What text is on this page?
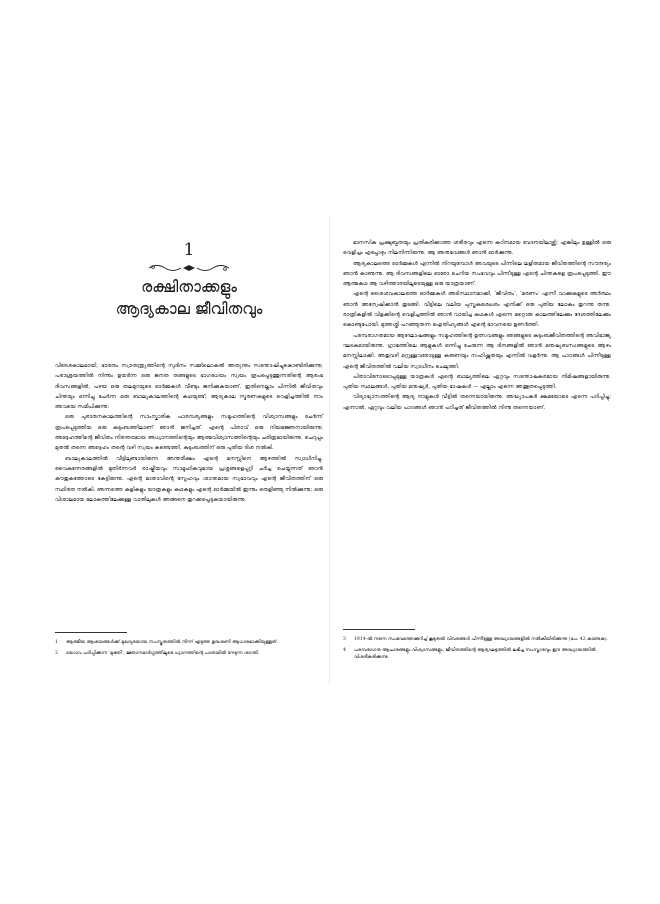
1
രക്ഷിതാക്കളും
ആദ്യകാല ജീവിതവും

വിദേശകാലമായി, ഭാരതം സ്വാതന്ത്ര്യത്തിന്റെ സുദിനം സമ്മിലൊകൽ അത്യന്തം സന്തോഷിച്ചുകൊണ്ടിരിക്കുന്നു; പരാശ്രയത്തിൽ നിന്നും ഉയർന്ന ഒരു ജനത തങ്ങളുടെ ഭാഗധേയം സ്വയം രൂപപ്പെടുത്തുന്നതിന്റെ ആരംഭ ദിവസങ്ങളിൽ, പഴയ ഒരു തലമുറയുടെ ഓർമ്മകൾ വീണ്ടും ജനിക്കുകയാണ്. ഇതിനെല്ലാം പിന്നിൽ ജീവിതവും ചിന്തയും ഒന്നിച്ചു ചേർന്ന ഒരു ബാല്യകാലത്തിന്റെ കഥയുണ്ട്; ആദ്യകാല സ്മരണകളുടെ വെളിച്ചത്തിൽ നാം അവയെ സമീപിക്കുന്നു.

ഒരു പുരാതനകാലത്തിന്റെ സാംസ്കാരിക പാരമ്പര്യങ്ങളും സമൂഹത്തിന്റെ വിശ്വാസങ്ങളും ചേർന്ന് രൂപപ്പെടുത്തിയ ഒരു കുടുംബത്തിലാണ് ഞാൻ ജനിച്ചത്. എന്റെ പിതാവ് ഒരു നിയമജ്ഞനായിരുന്നു; അദ്ദേഹത്തിന്റെ ജീവിതം നിരന്തരമായ അധ്വാനത്തിന്റെയും ആത്മവിശ്വാസത്തിന്റെയും ചരിത്രമായിരുന്നു. ചെറുപ്പം മുതൽ തന്നെ അദ്ദേഹം തന്റെ വഴി സ്വയം കണ്ടെത്തി, കുടുംബത്തിന് ഒരു പുതിയ ദിശ നൽകി.

ബാല്യകാലത്തിൽ വീട്ടിലുണ്ടായിരുന്ന അന്തരീക്ഷം എന്റെ മനസ്സിനെ ആഴത്തിൽ സ്വാധീനിച്ചു. വൈകുന്നേരങ്ങളിൽ മുതിർന്നവർ രാഷ്ട്രീയവും സാമൂഹികവുമായ പ്രശ്നങ്ങളെപ്പറ്റി ചർച്ച ചെയ്യുന്നത് ഞാൻ കൗതുകത്തോടെ കേട്ടിരുന്നു. എന്റെ മാതാവിന്റെ സ്നേഹവും ശാന്തമായ സ്വഭാവവും എന്റെ ജീവിതത്തിന് ഒരു സ്ഥിരത നൽകി. അന്നത്തെ കളികളും യാത്രകളും കഥകളും എന്റെ ഓർമ്മയിൽ ഇന്നും തെളിഞ്ഞു നിൽക്കുന്നു; ഒരു വിശാലമായ ലോകത്തിലേക്കുള്ള വാതിലുകൾ അങ്ങനെ തുറക്കപ്പെടുകയായിരുന്നു.

1 ആത്മീയ ആശയങ്ങൾക്ക് മുഖവുരയായ സംസ്കൃതത്തിൽ നിന്ന് എടുത്ത ഉദ്ധരണി ആധാരമാക്കിയുള്ളത്.
2 യോഗം പഠിപ്പിക്കുന്ന ‘മുക്തി’, ജ്ഞാനമാർഗ്ഗത്തിലൂടെ ധ്യാനത്തിന്റെ പാതയിൽ നേടുന്ന ശാന്തി.

മാനസിക പ്രക്ഷുബ്ധതയും പ്രതികരിക്കാത്ത ശരീരവും എന്നെ കഠിനമായ വേദനയിലാഴ്ത്തി; എങ്കിലും ഉള്ളിൽ ഒരു വെളിച്ചം എപ്പോഴും നിലനിന്നിരുന്നു. ആ അനുഭവങ്ങൾ ഞാൻ ഓർക്കുന്നു.

ആദ്യകാലത്തെ ഓർമ്മകൾ എന്നിൽ നിറയുമ്പോൾ അവയുടെ പിന്നിലെ ലളിതമായ ജീവിതത്തിന്റെ സൗന്ദര്യം ഞാൻ കാണുന്നു. ആ ദിവസങ്ങളിലെ ഓരോ ചെറിയ സംഭവവും പിന്നീടുള്ള എന്റെ ചിന്തകളെ രൂപപ്പെടുത്തി. ഈ ആത്മകഥ ആ വഴിത്താരയിലൂടെയുള്ള ഒരു യാത്രയാണ്.

എന്റെ ശൈശവകാലത്തെ ഓർമ്മകൾ അടിസ്ഥാനമാക്കി, ‘ജീവിതം’, ‘മരണം’ എന്നീ വാക്കുകളുടെ അർത്ഥം ഞാൻ അന്വേഷിക്കാൻ തുടങ്ങി. വീട്ടിലെ വലിയ പുസ്തകശേഖരം എനിക്ക് ഒരു പുതിയ ലോകം തുറന്നു തന്നു. രാത്രികളിൽ വിളക്കിന്റെ വെളിച്ചത്തിൽ ഞാൻ വായിച്ച കഥകൾ എന്നെ മറ്റൊരു കാലത്തിലേക്കും ദേശത്തിലേക്കും കൊണ്ടുപോയി. മുത്തശ്ശി പറഞ്ഞുതന്ന ഐതിഹ്യങ്ങൾ എന്റെ ഭാവനയെ ഉണർത്തി.

പരമ്പരാഗതമായ ആഘോഷങ്ങളും സമൂഹത്തിന്റെ ഉത്സവങ്ങളും ഞങ്ങളുടെ കുടുംബജീവിതത്തിന്റെ അവിഭാജ്യ ഘടകമായിരുന്നു. ഗ്രാമത്തിലെ ആളുകൾ ഒന്നിച്ചു ചേരുന്ന ആ ദിനങ്ങളിൽ ഞാൻ മനുഷ്യബന്ധങ്ങളുടെ ആഴം മനസ്സിലാക്കി. അതുവഴി മറ്റുള്ളവരോടുള്ള കരുണയും സഹിഷ്ണുതയും എന്നിൽ വളർന്നു. ആ പാഠങ്ങൾ പിന്നീടുള്ള എന്റെ ജീവിതത്തിൽ വലിയ സ്വാധീനം ചെലുത്തി.

പിതാവിനോടൊപ്പമുള്ള യാത്രകൾ എന്റെ ബാല്യത്തിലെ ഏറ്റവും സന്തോഷകരമായ നിമിഷങ്ങളായിരുന്നു. പുതിയ സ്ഥലങ്ങൾ, പുതിയ മനുഷ്യർ, പുതിയ ഭാഷകൾ — എല്ലാം എന്നെ അത്ഭുതപ്പെടുത്തി.

വിദ്യാഭ്യാസത്തിന്റെ ആദ്യ നാളുകൾ വീട്ടിൽ തന്നെയായിരുന്നു. അദ്ധ്യാപകർ ക്ഷമയോടെ എന്നെ പഠിപ്പിച്ചു; എന്നാൽ, ഏറ്റവും വലിയ പാഠങ്ങൾ ഞാൻ പഠിച്ചത് ജീവിതത്തിൽ നിന്നു തന്നെയാണ്.

3 1914-ൽ നടന്ന സംഭവത്തെക്കുറിച്ച് കൂടുതൽ വിവരങ്ങൾ പിന്നീടുള്ള അദ്ധ്യായങ്ങളിൽ നൽകിയിരിക്കുന്നു (പേ. 42 കാണുക).
4 പരമ്പരാഗത ആചാരങ്ങളും വിശ്വാസങ്ങളും, ജീവിതത്തിന്റെ ആദ്യഘട്ടത്തിൽ ലഭിച്ച സംസ്കാരവും ഈ അദ്ധ്യായത്തിൽ വിശദീകരിക്കുന്നു.
